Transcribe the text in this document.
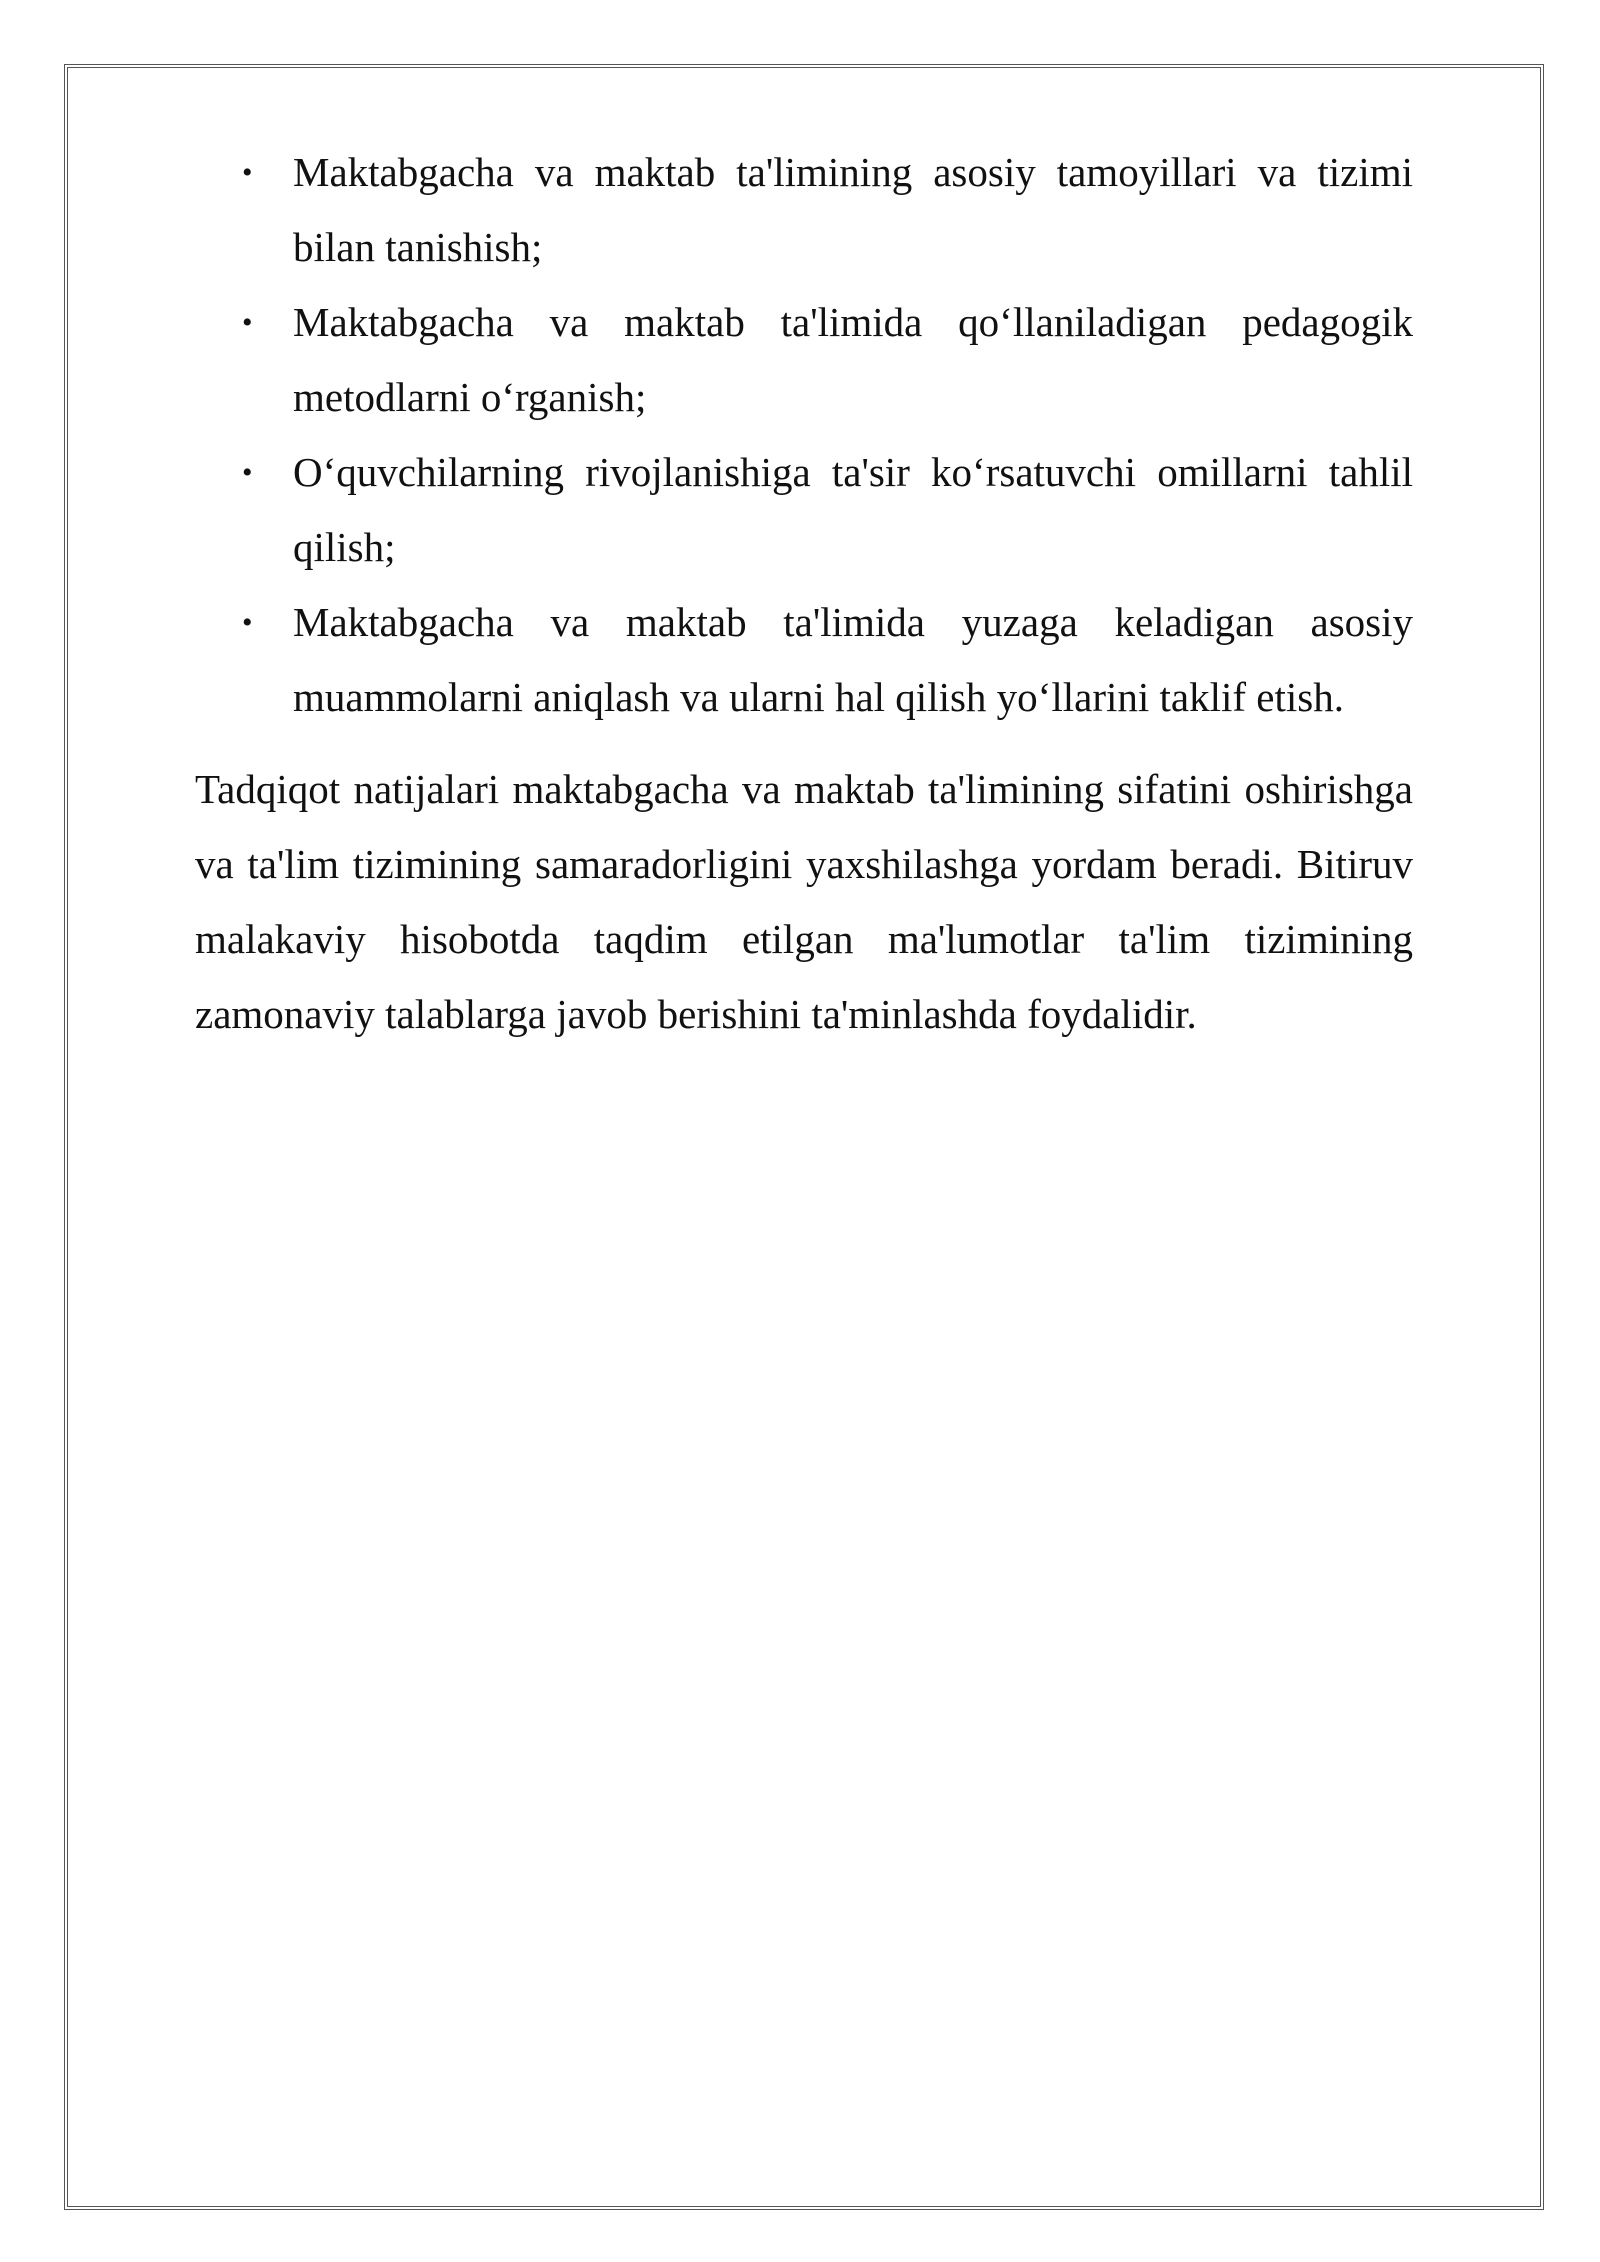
• Maktabgacha va maktab ta'limining asosiy tamoyillari va tizimi bilan tanishish;
• Maktabgacha va maktab ta'limida qo‘llaniladigan pedagogik metodlarni o‘rganish;
• O‘quvchilarning rivojlanishiga ta'sir ko‘rsatuvchi omillarni tahlil qilish;
• Maktabgacha va maktab ta'limida yuzaga keladigan asosiy muammolarni aniqlash va ularni hal qilish yo‘llarini taklif etish.

Tadqiqot natijalari maktabgacha va maktab ta'limining sifatini oshirishga va ta'lim tizimining samaradorligini yaxshilashga yordam beradi. Bitiruv malakaviy hisobotda taqdim etilgan ma'lumotlar ta'lim tizimining zamonaviy talablarga javob berishini ta'minlashda foydalidir.
